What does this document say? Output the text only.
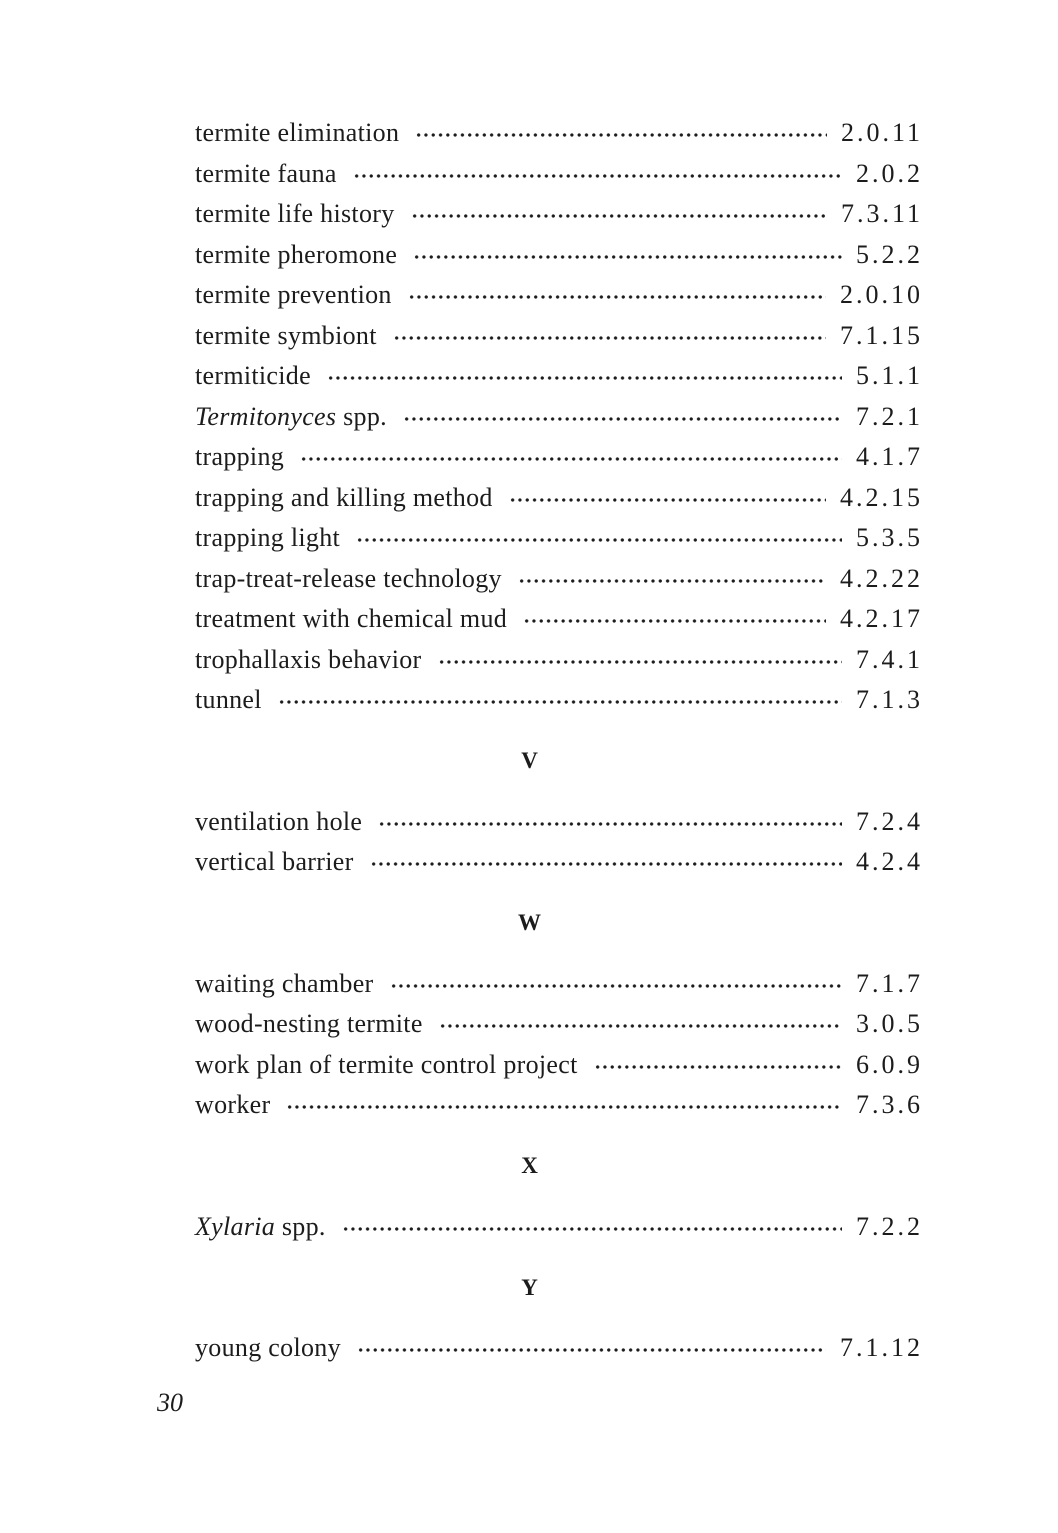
termite elimination	2.0.11
termite fauna	2.0.2
termite life history	7.3.11
termite pheromone	5.2.2
termite prevention	2.0.10
termite symbiont	7.1.15
termiticide	5.1.1
Termitonyces spp.	7.2.1
trapping	4.1.7
trapping and killing method	4.2.15
trapping light	5.3.5
trap-treat-release technology	4.2.22
treatment with chemical mud	4.2.17
trophallaxis behavior	7.4.1
tunnel	7.1.3
V
ventilation hole	7.2.4
vertical barrier	4.2.4
W
waiting chamber	7.1.7
wood-nesting termite	3.0.5
work plan of termite control project	6.0.9
worker	7.3.6
X
Xylaria spp.	7.2.2
Y
young colony	7.1.12
30
